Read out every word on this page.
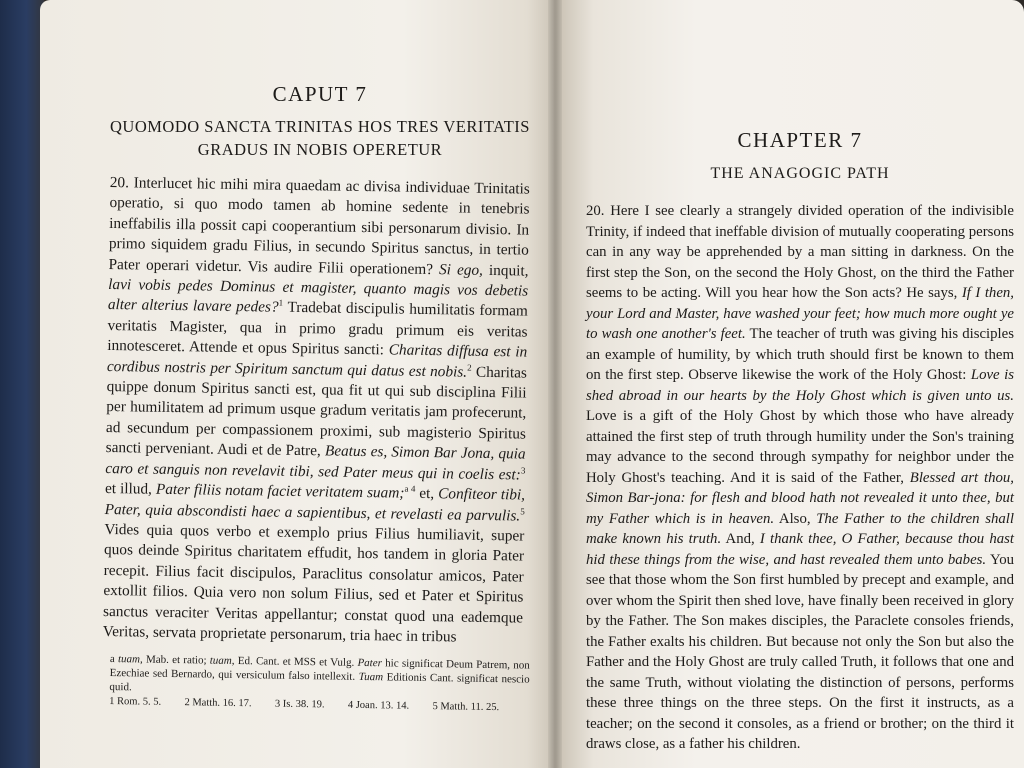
CAPUT 7
QUOMODO SANCTA TRINITAS HOS TRES VERITATIS GRADUS IN NOBIS OPERETUR

20. Interlucet hic mihi mira quaedam ac divisa individuae Trinitatis operatio, si quo modo tamen ab homine sedente in tenebris ineffabilis illa possit capi cooperantium sibi personarum divisio. In primo siquidem gradu Filius, in secundo Spiritus sanctus, in tertio Pater operari videtur. Vis audire Filii operationem? Si ego, inquit, lavi vobis pedes Dominus et magister, quanto magis vos debetis alter alterius lavare pedes?$^1$ Tradebat discipulis humilitatis formam veritatis Magister, qua in primo gradu primum eis veritas innotesceret. Attende et opus Spiritus sancti: Charitas diffusa est in cordibus nostris per Spiritum sanctum qui datus est nobis.$^2$ Charitas quippe donum Spiritus sancti est, qua fit ut qui sub disciplina Filii per humilitatem ad primum usque gradum veritatis jam profecerunt, ad secundum per compassionem proximi, sub magisterio Spiritus sancti perveniant. Audi et de Patre, Beatus es, Simon Bar Jona, quia caro et sanguis non revelavit tibi, sed Pater meus qui in coelis est:$^3$ et illud, Pater filiis notam faciet veritatem suam;$^{a 4}$ et, Confiteor tibi, Pater, quia abscondisti haec a sapientibus, et revelasti ea parvulis.$^5$ Vides quia quos verbo et exemplo prius Filius humiliavit, super quos deinde Spiritus charitatem effudit, hos tandem in gloria Pater recepit. Filius facit discipulos, Paraclitus consolatur amicos, Pater extollit filios. Quia vero non solum Filius, sed et Pater et Spiritus sanctus veraciter Veritas appellantur; constat quod una eademque Veritas, servata proprietate personarum, tria haec in tribus

a tuam, Mab. et ratio; tuam, Ed. Cant. et MSS et Vulg. Pater hic significat Deum Patrem, non Ezechiae sed Bernardo, qui versiculum falso intellexit. Tuam Editionis Cant. significat nescio quid.
1 Rom. 5. 5. 2 Matth. 16. 17. 3 Is. 38. 19. 4 Joan. 13. 14. 5 Matth. 11. 25.
CHAPTER 7
THE ANAGOGIC PATH

20. Here I see clearly a strangely divided operation of the indivisible Trinity, if indeed that ineffable division of mutually cooperating persons can in any way be apprehended by a man sitting in darkness. On the first step the Son, on the second the Holy Ghost, on the third the Father seems to be acting. Will you hear how the Son acts? He says, If I then, your Lord and Master, have washed your feet; how much more ought ye to wash one another's feet. The teacher of truth was giving his disciples an example of humility, by which truth should first be known to them on the first step. Observe likewise the work of the Holy Ghost: Love is shed abroad in our hearts by the Holy Ghost which is given unto us. Love is a gift of the Holy Ghost by which those who have already attained the first step of truth through humility under the Son's training may advance to the second through sympathy for neighbor under the Holy Ghost's teaching. And it is said of the Father, Blessed art thou, Simon Bar-jona: for flesh and blood hath not revealed it unto thee, but my Father which is in heaven. Also, The Father to the children shall make known his truth. And, I thank thee, O Father, because thou hast hid these things from the wise, and hast revealed them unto babes. You see that those whom the Son first humbled by precept and example, and over whom the Spirit then shed love, have finally been received in glory by the Father. The Son makes disciples, the Paraclete consoles friends, the Father exalts his children. But because not only the Son but also the Father and the Holy Ghost are truly called Truth, it follows that one and the same Truth, without violating the distinction of persons, performs these three things on the three steps. On the first it instructs, as a teacher; on the second it consoles, as a friend or brother; on the third it draws close, as a father his children.
